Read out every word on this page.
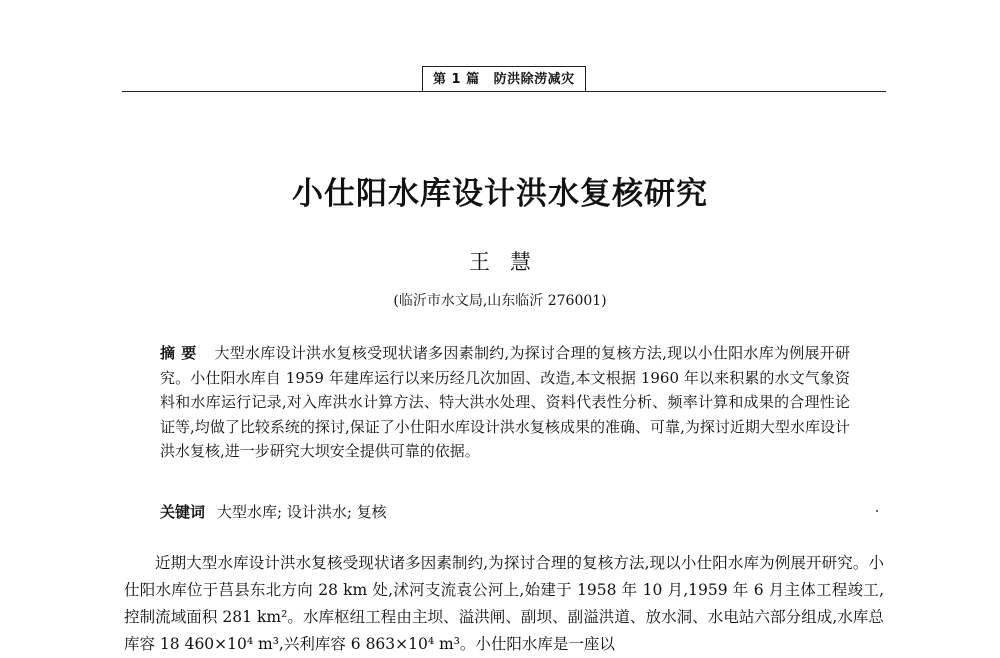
第 1 篇 防洪除涝减灾
小仕阳水库设计洪水复核研究
王慧
(临沂市水文局,山东临沂 276001)
摘要 大型水库设计洪水复核受现状诸多因素制约,为探讨合理的复核方法,现以小仕阳水库为例展开研究。小仕阳水库自 1959 年建库运行以来历经几次加固、改造,本文根据 1960 年以来积累的水文气象资料和水库运行记录,对入库洪水计算方法、特大洪水处理、资料代表性分析、频率计算和成果的合理性论证等,均做了比较系统的探讨,保证了小仕阳水库设计洪水复核成果的准确、可靠,为探讨近期大型水库设计洪水复核,进一步研究大坝安全提供可靠的依据。
关键词 大型水库; 设计洪水; 复核

近期大型水库设计洪水复核受现状诸多因素制约,为探讨合理的复核方法,现以小仕阳水库为例展开研究。小仕阳水库位于莒县东北方向 28 km 处,沭河支流袁公河上,始建于 1958 年 10 月,1959 年 6 月主体工程竣工,控制流域面积 281 km²。水库枢纽工程由主坝、溢洪闸、副坝、副溢洪道、放水洞、水电站六部分组成,水库总库容 18 460×10⁴ m³,兴利库容 6 863×10⁴ m³。小仕阳水库是一座以
